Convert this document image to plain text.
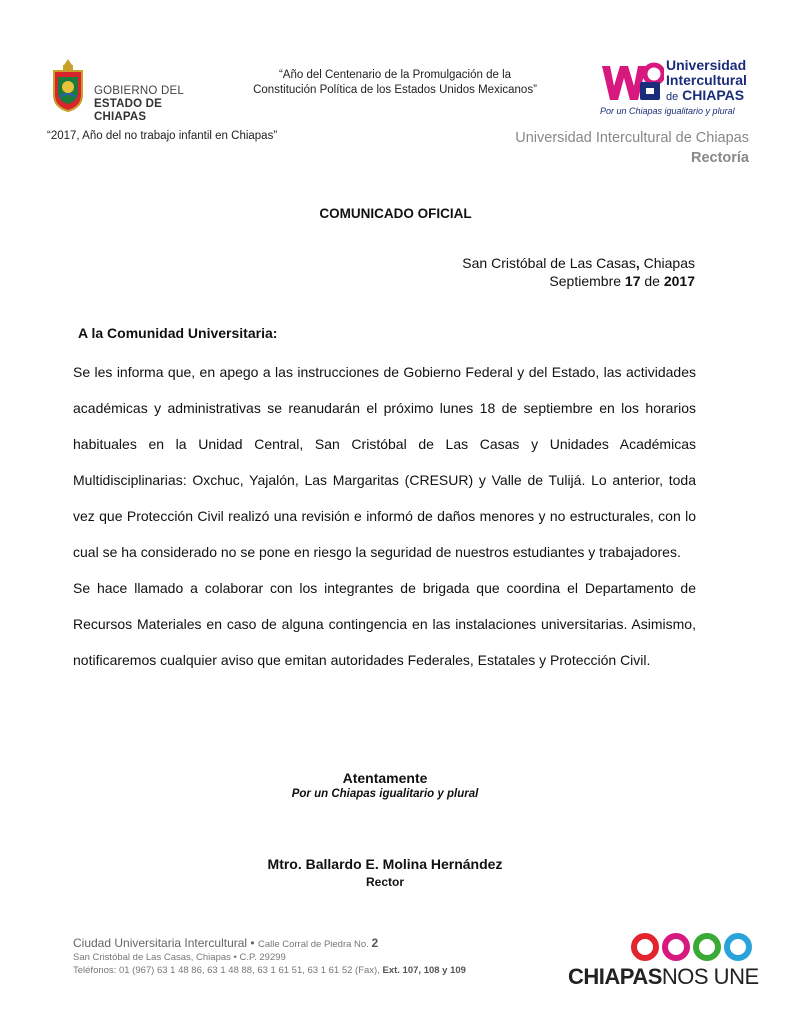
GOBIERNO DEL
ESTADO DE CHIAPAS
“Año del Centenario de la Promulgación de la
Constitución Política de los Estados Unidos Mexicanos”
“2017, Año del no trabajo infantil en Chiapas”
Universidad
Intercultural
de CHIAPAS
Por un Chiapas igualitario y plural
Universidad Intercultural de Chiapas
Rectoría
COMUNICADO OFICIAL
San Cristóbal de Las Casas, Chiapas
Septiembre 17 de 2017
A la Comunidad Universitaria:

Se les informa que, en apego a las instrucciones de Gobierno Federal y del Estado, las actividades académicas y administrativas se reanudarán el próximo lunes 18 de septiembre en los horarios habituales en la Unidad Central, San Cristóbal de Las Casas y Unidades Académicas Multidisciplinarias: Oxchuc, Yajalón, Las Margaritas (CRESUR) y Valle de Tulijá. Lo anterior, toda vez que Protección Civil realizó una revisión e informó de daños menores y no estructurales, con lo cual se ha considerado no se pone en riesgo la seguridad de nuestros estudiantes y trabajadores.

Se hace llamado a colaborar con los integrantes de brigada que coordina el Departamento de Recursos Materiales en caso de alguna contingencia en las instalaciones universitarias. Asimismo, notificaremos cualquier aviso que emitan autoridades Federales, Estatales y Protección Civil.

Atentamente
Por un Chiapas igualitario y plural
Mtro. Ballardo E. Molina Hernández
Rector
Ciudad Universitaria Intercultural • Calle Corral de Piedra No. 2
San Cristóbal de Las Casas, Chiapas • C.P. 29299
Teléfonos: 01 (967) 63 1 48 86, 63 1 48 88, 63 1 61 51, 63 1 61 52 (Fax), Ext. 107, 108 y 109	CHIAPASNOS UNE
